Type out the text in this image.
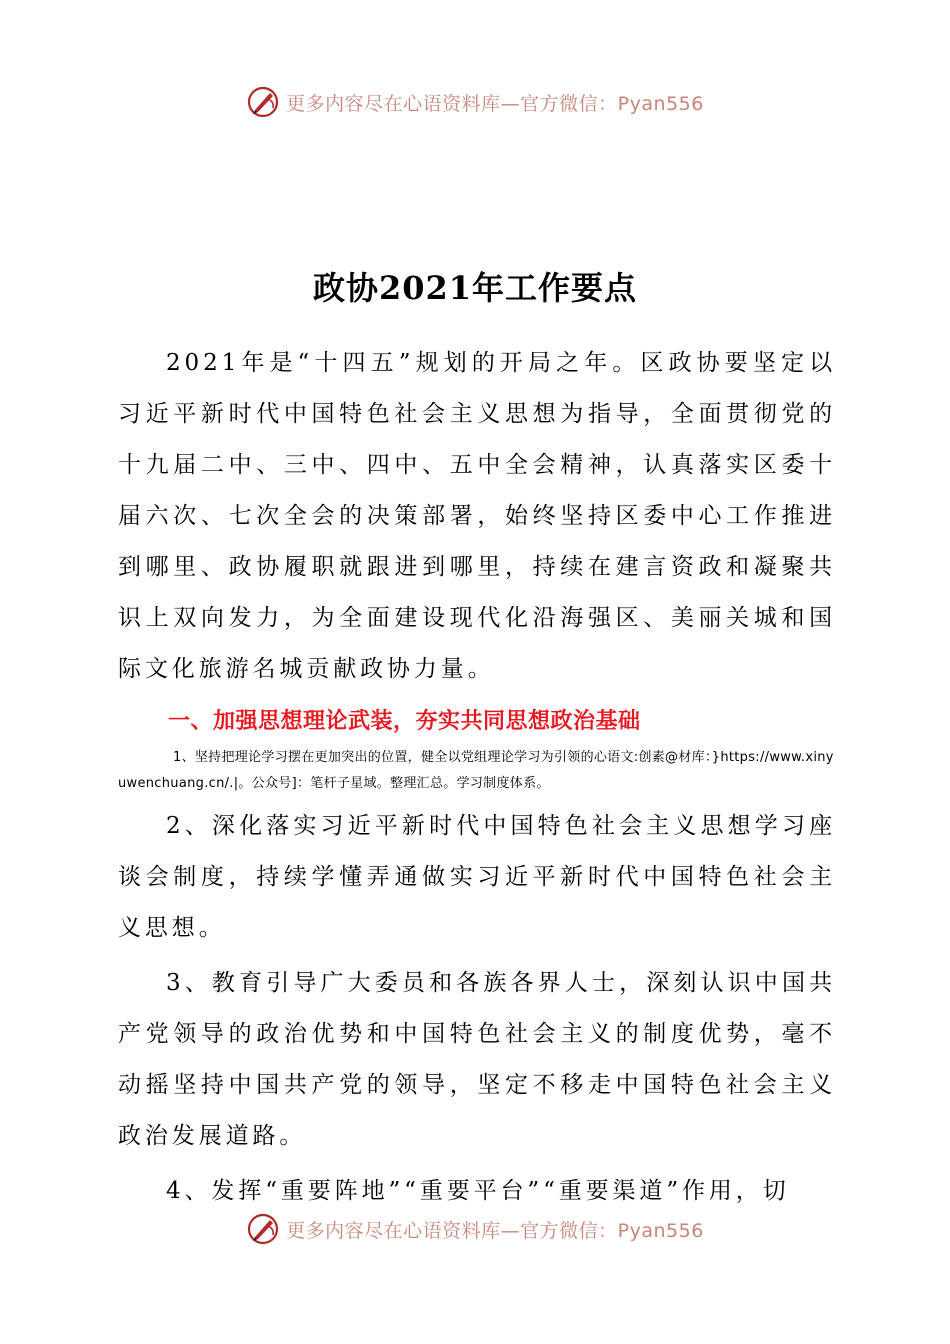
更多内容尽在心语资料库—官方微信：Pyan556
政协2021年工作要点

2021年是“十四五”规划的开局之年。区政协要坚定以习近平新时代中国特色社会主义思想为指导，全面贯彻党的十九届二中、三中、四中、五中全会精神，认真落实区委十届六次、七次全会的决策部署，始终坚持区委中心工作推进到哪里、政协履职就跟进到哪里，持续在建言资政和凝聚共识上双向发力，为全面建设现代化沿海强区、美丽关城和国际文化旅游名城贡献政协力量。

一、加强思想理论武装，夯实共同思想政治基础

1、坚持把理论学习摆在更加突出的位置，健全以党组理论学习为引领的心语文:创素@材库：}https://www.xinyuwenchuang.cn/.|。公众号]：笔杆子星域。整理汇总。学习制度体系。

2、深化落实习近平新时代中国特色社会主义思想学习座谈会制度，持续学懂弄通做实习近平新时代中国特色社会主义思想。

3、教育引导广大委员和各族各界人士，深刻认识中国共产党领导的政治优势和中国特色社会主义的制度优势，毫不动摇坚持中国共产党的领导，坚定不移走中国特色社会主义政治发展道路。

4、发挥“重要阵地”“重要平台”“重要渠道”作用，切

更多内容尽在心语资料库—官方微信：Pyan556
